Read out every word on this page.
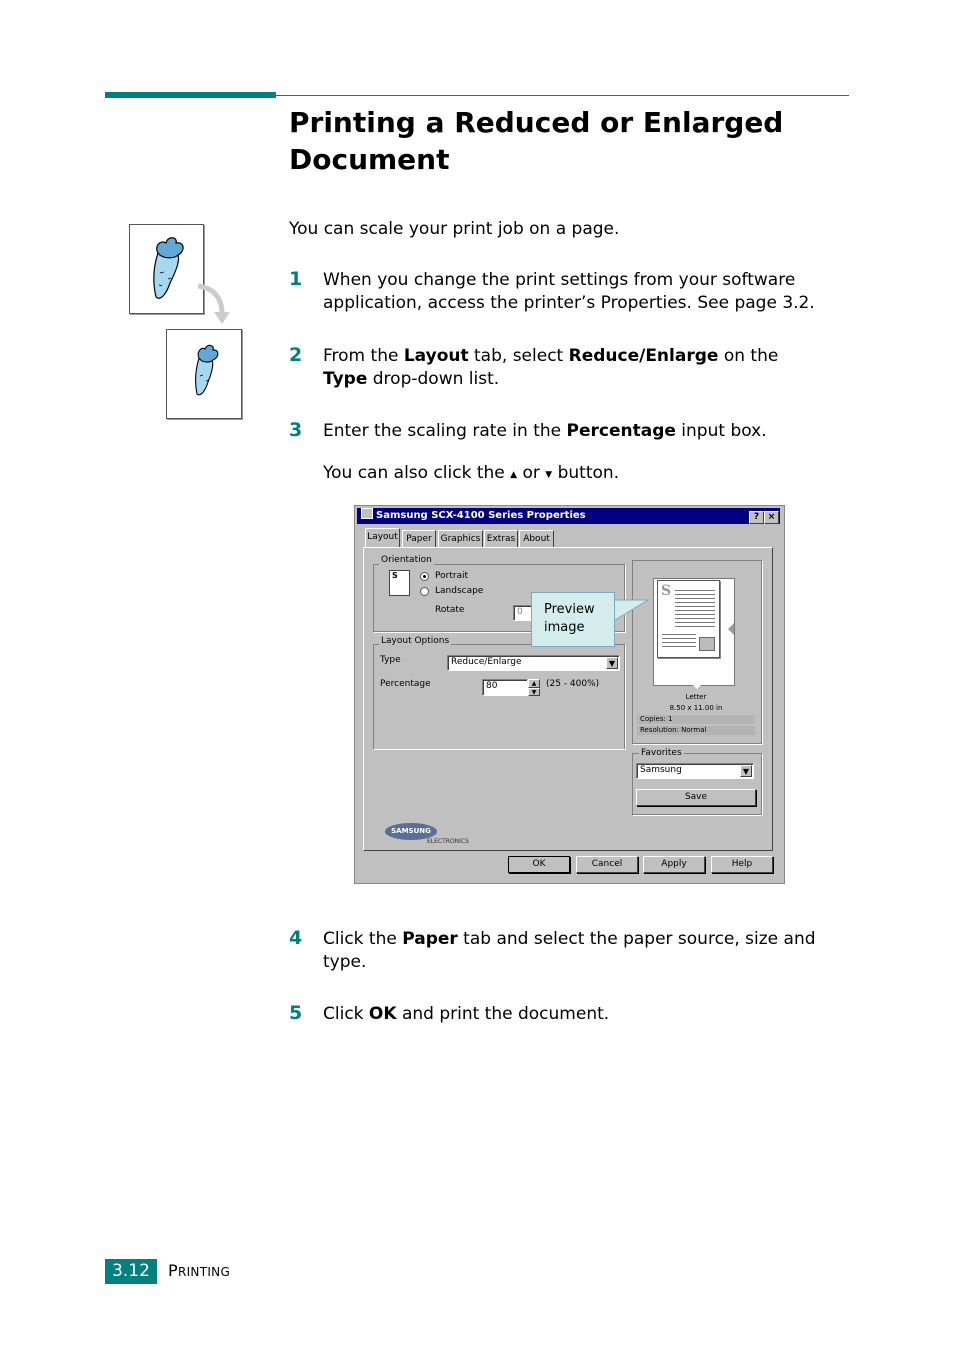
Printing a Reduced or Enlarged
Document
You can scale your print job on a page.
1 When you change the print settings from your software
application, access the printer’s Properties. See page 3.2.
2 From the Layout tab, select Reduce/Enlarge on the
Type drop-down list.
3 Enter the scaling rate in the Percentage input box.
You can also click the ▲ or ▼ button.
Samsung SCX-4100 Series Properties	? ×
Layout Paper Graphics Extras About
Orientation
S	Portrait
Landscape
Rotate	0
Layout Options
Type	Reduce/Enlarge	▼
Percentage	80	▲
▼
(25 - 400%)
S
Letter
8.50 x 11.00 in
Copies: 1
Resolution: Normal
Favorites
Samsung	▼
Save
SAMSUNG
ELECTRONICS
OK	Cancel	Apply	Help
Preview
image
4 Click the Paper tab and select the paper source, size and
type.
5 Click OK and print the document.
3.12	PRINTING
